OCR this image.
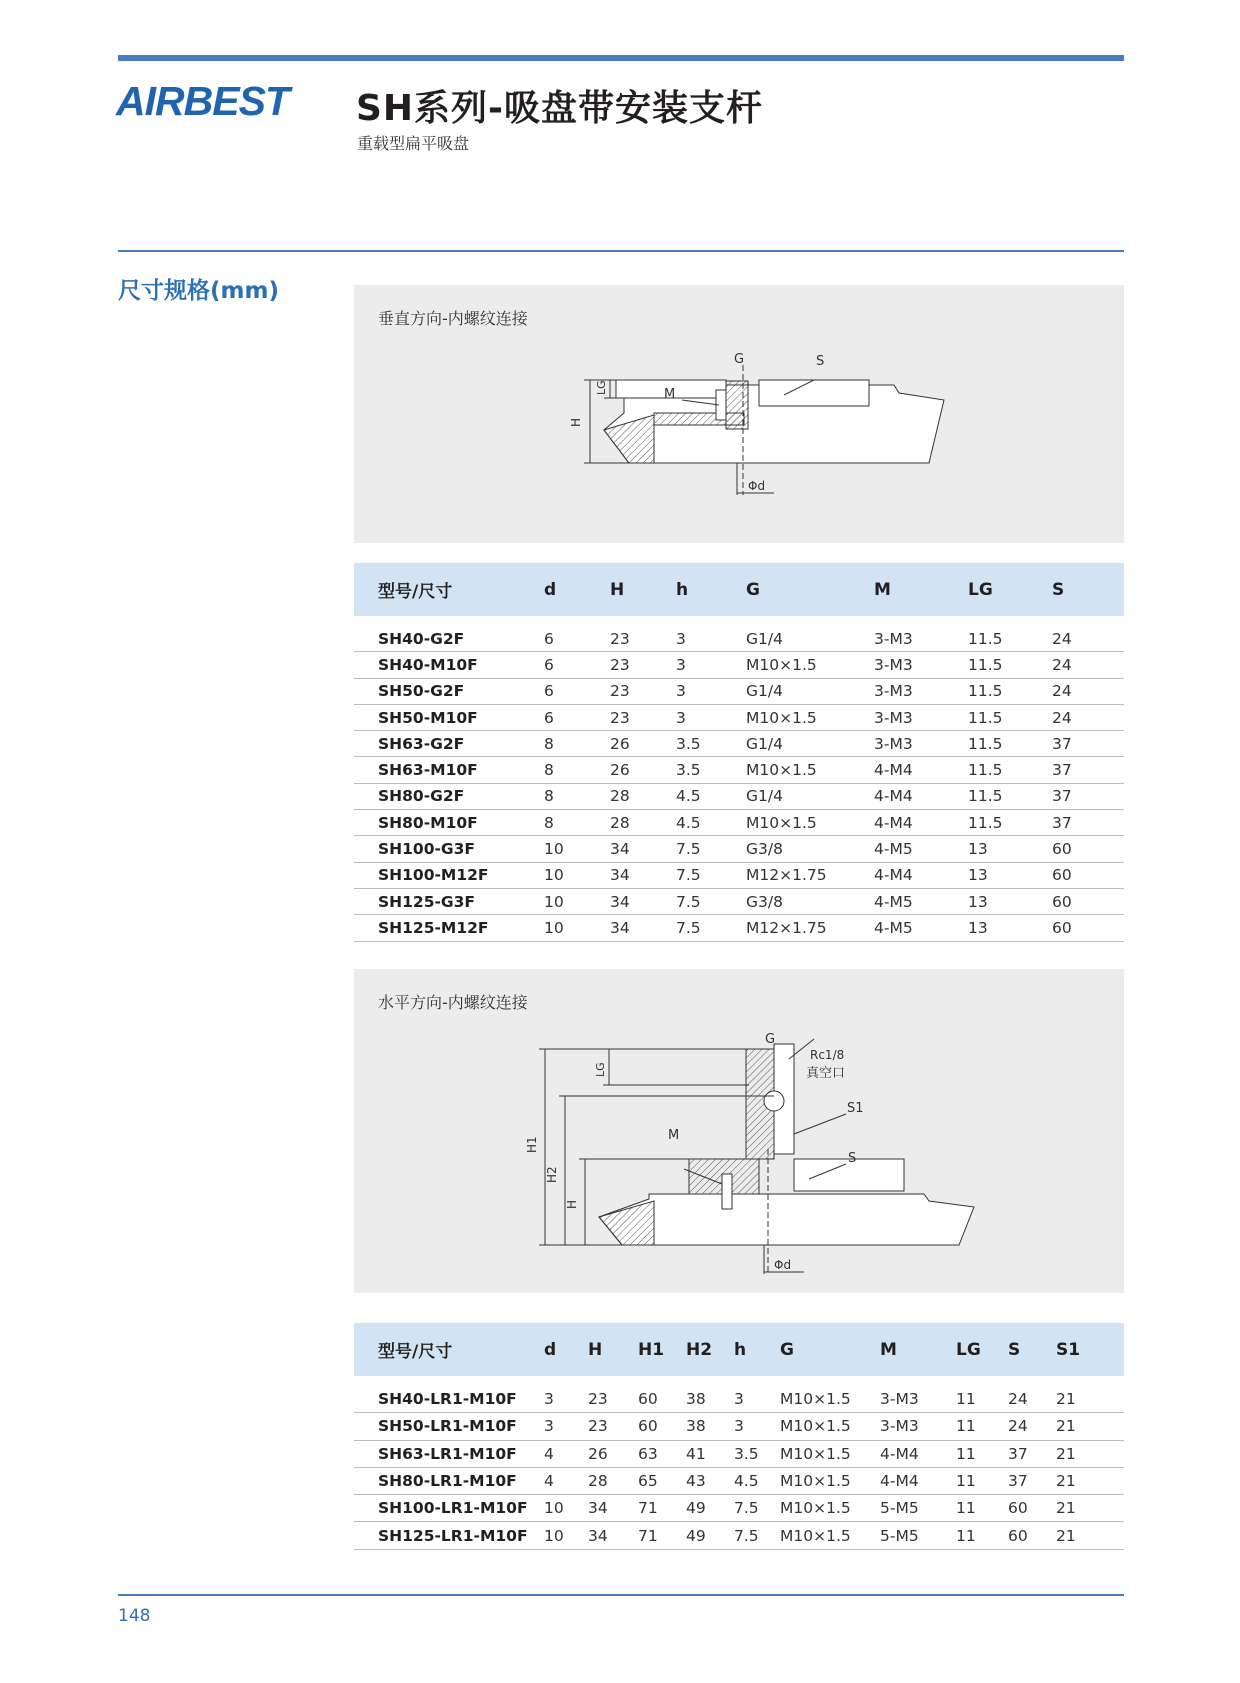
AIRBEST SH系列-吸盘带安装支杆
重载型扁平吸盘
尺寸规格(mm)
垂直方向-内螺纹连接
G	S
M
H
LG
Φd
型号/尺寸	d	H	h	G	M	LG	S
SH40-G2F	6	23	3	G1/4	3-M3	11.5	24
SH40-M10F	6	23	3	M10×1.5	3-M3	11.5	24
SH50-G2F	6	23	3	G1/4	3-M3	11.5	24
SH50-M10F	6	23	3	M10×1.5	3-M3	11.5	24
SH63-G2F	8	26	3.5	G1/4	3-M3	11.5	37
SH63-M10F	8	26	3.5	M10×1.5	4-M4	11.5	37
SH80-G2F	8	28	4.5	G1/4	4-M4	11.5	37
SH80-M10F	8	28	4.5	M10×1.5	4-M4	11.5	37
SH100-G3F	10	34	7.5	G3/8	4-M5	13	60
SH100-M12F	10	34	7.5	M12×1.75	4-M4	13	60
SH125-G3F	10	34	7.5	G3/8	4-M5	13	60
SH125-M12F	10	34	7.5	M12×1.75	4-M5	13	60
水平方向-内螺纹连接
G
Rc1/8
真空口
S1
S
M
H1
H2
H
LG
Φd
型号/尺寸	d	H	H1	H2	h	G	M	LG	S	S1
SH40-LR1-M10F	3	23	60	38	3	M10×1.5	3-M3	11	24	21
SH50-LR1-M10F	3	23	60	38	3	M10×1.5	3-M3	11	24	21
SH63-LR1-M10F	4	26	63	41	3.5	M10×1.5	4-M4	11	37	21
SH80-LR1-M10F	4	28	65	43	4.5	M10×1.5	4-M4	11	37	21
SH100-LR1-M10F	10	34	71	49	7.5	M10×1.5	5-M5	11	60	21
SH125-LR1-M10F	10	34	71	49	7.5	M10×1.5	5-M5	11	60	21
148
